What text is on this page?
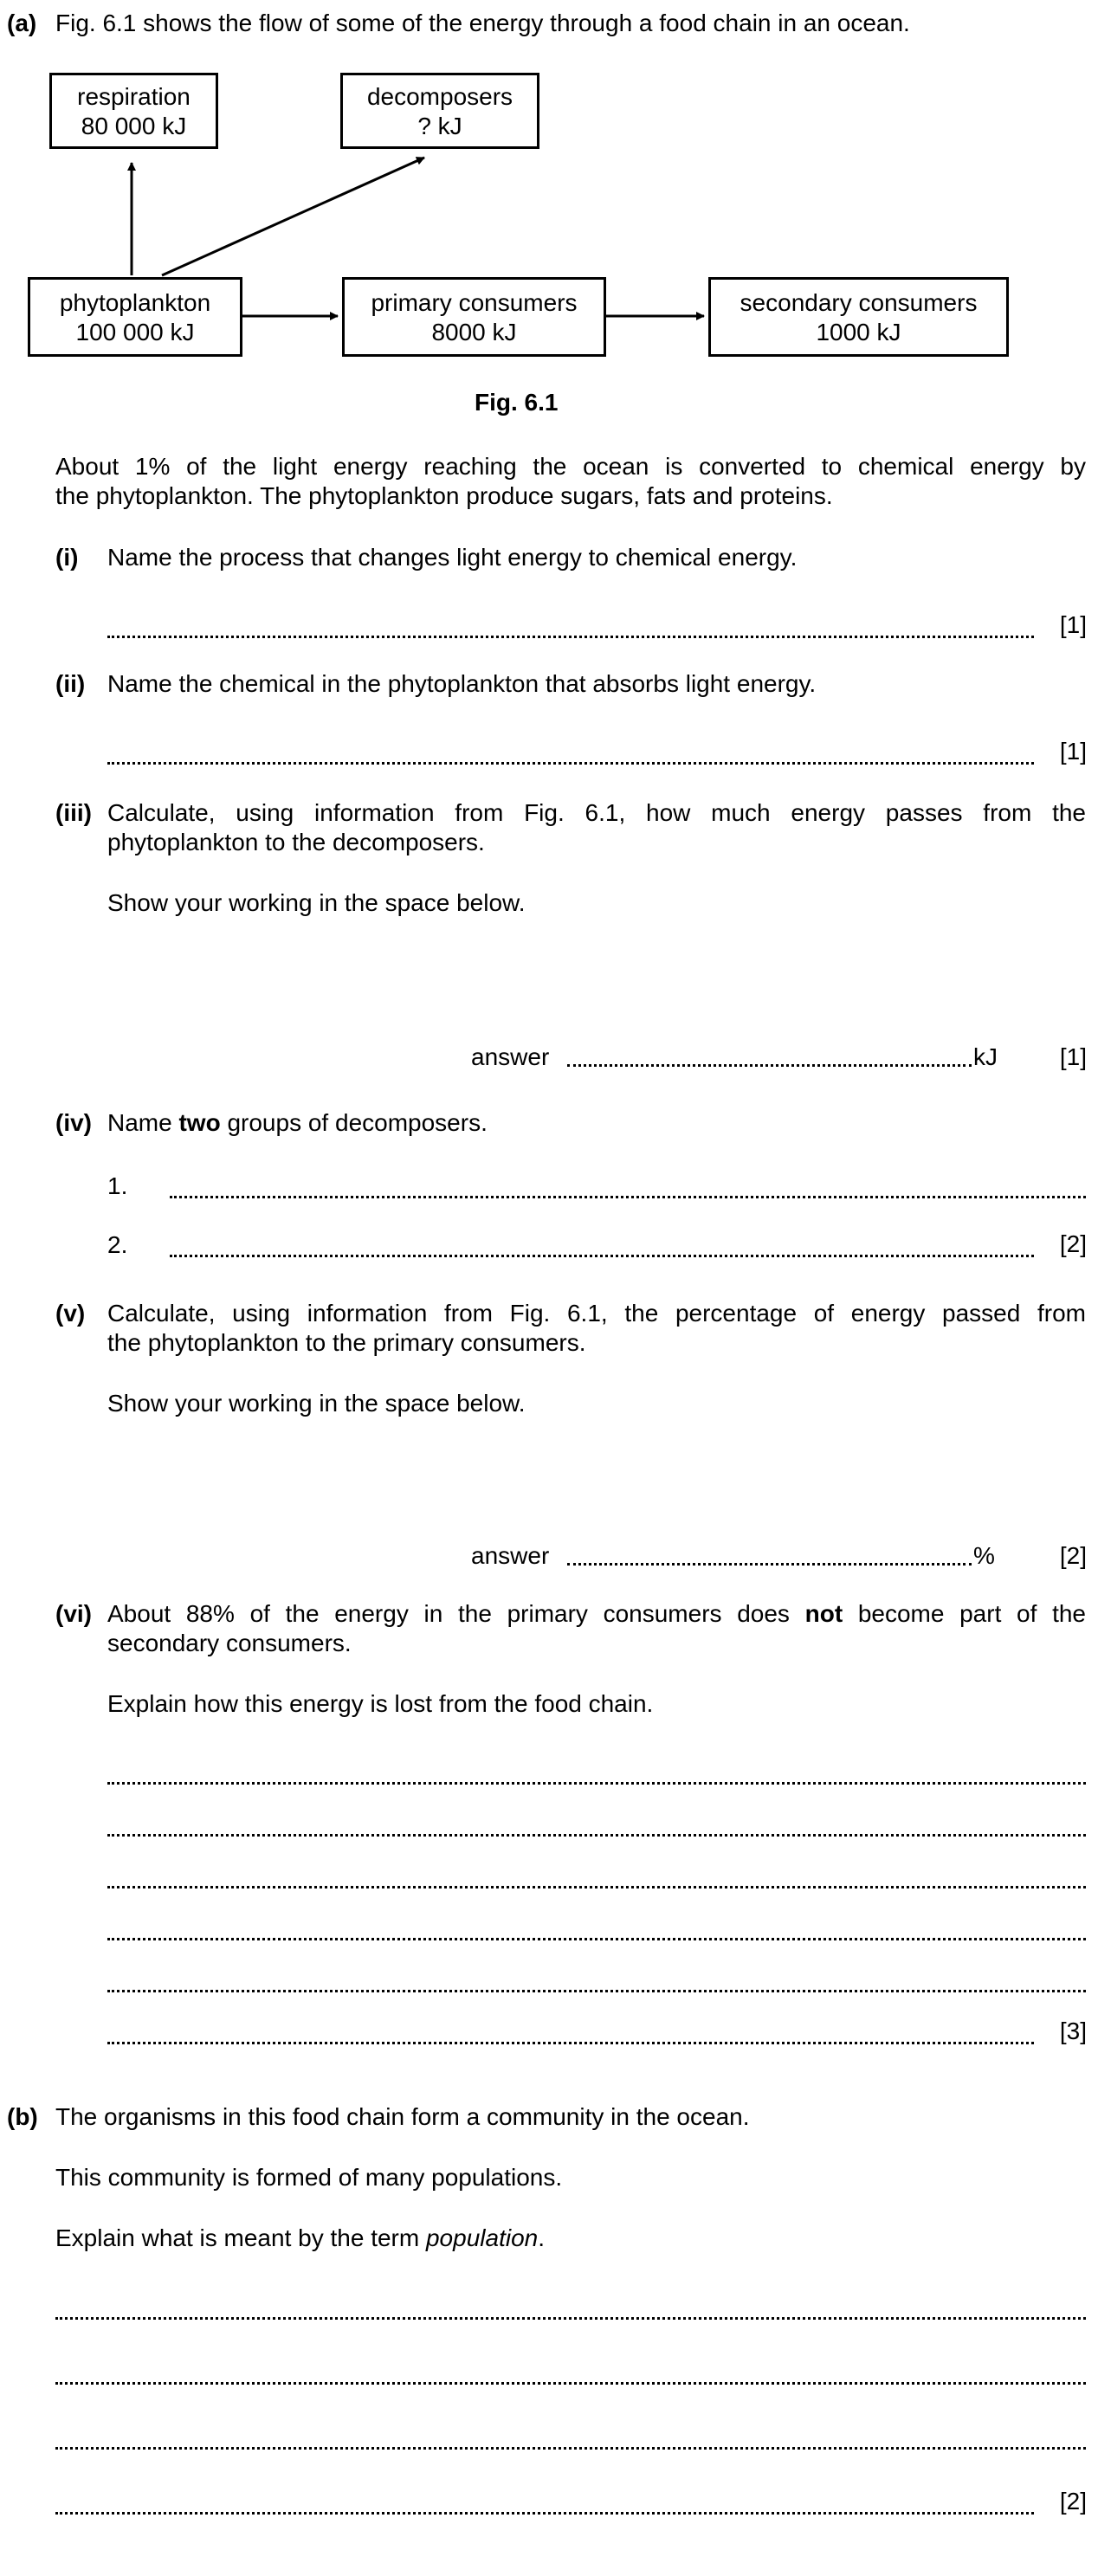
(a) Fig. 6.1 shows the flow of some of the energy through a food chain in an ocean.
respiration
80 000 kJ
decomposers
? kJ
phytoplankton
100 000 kJ
primary consumers
8000 kJ
secondary consumers
1000 kJ
Fig. 6.1
About 1% of the light energy reaching the ocean is converted to chemical energy by
the phytoplankton. The phytoplankton produce sugars, fats and proteins.
(i) Name the process that changes light energy to chemical energy.
[1]
(ii) Name the chemical in the phytoplankton that absorbs light energy.
[1]
(iii) Calculate, using information from Fig. 6.1, how much energy passes from the
phytoplankton to the decomposers.
Show your working in the space below.
answer	kJ	[1]
(iv) Name two groups of decomposers.
1.
2.	[2]
(v) Calculate, using information from Fig. 6.1, the percentage of energy passed from
the phytoplankton to the primary consumers.
Show your working in the space below.
answer	%	[2]
(vi) About 88% of the energy in the primary consumers does not become part of the
secondary consumers.
Explain how this energy is lost from the food chain.
[3]
(b) The organisms in this food chain form a community in the ocean.
This community is formed of many populations.
Explain what is meant by the term population.
[2]
